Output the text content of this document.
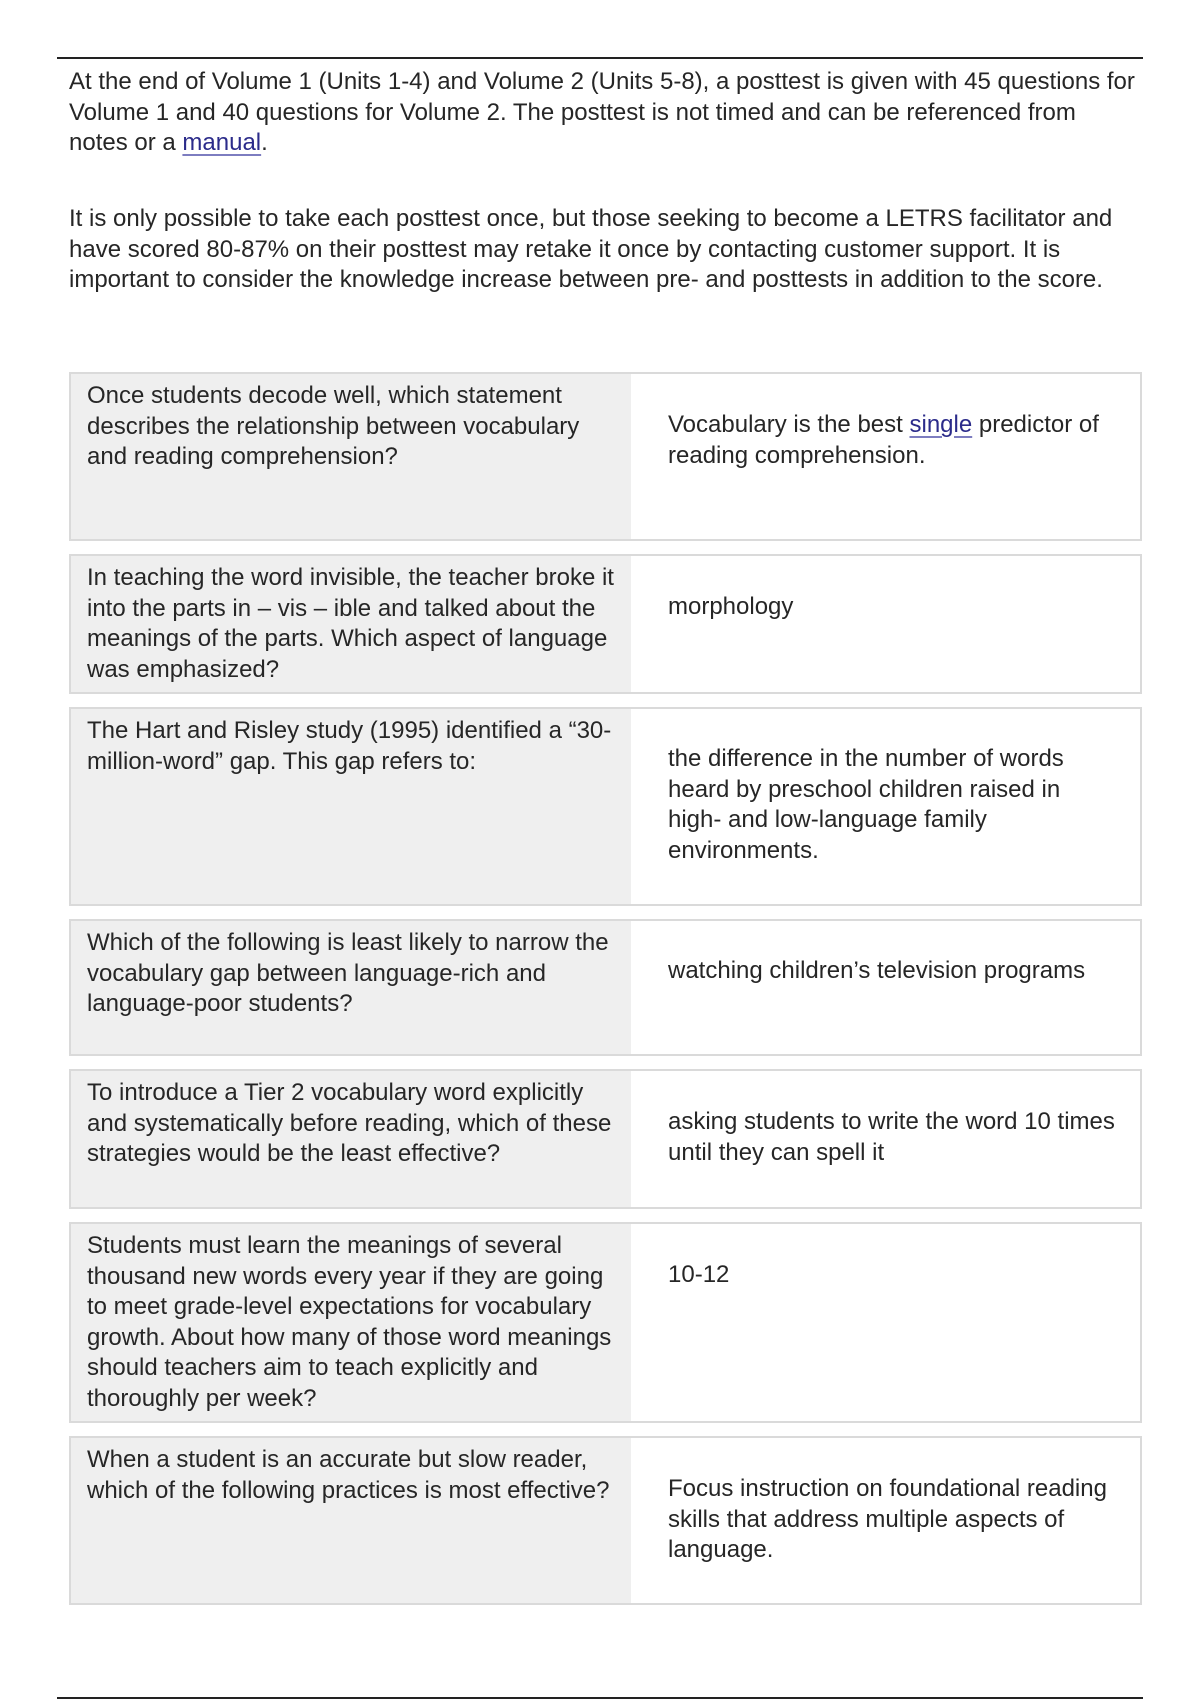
At the end of Volume 1 (Units 1-4) and Volume 2 (Units 5-8), a posttest is given with 45 questions for Volume 1 and 40 questions for Volume 2. The posttest is not timed and can be referenced from notes or a manual.

It is only possible to take each posttest once, but those seeking to become a LETRS facilitator and have scored 80-87% on their posttest may retake it once by contacting customer support. It is important to consider the knowledge increase between pre- and posttests in addition to the score.

Once students decode well, which statement describes the relationship between vocabulary and reading comprehension?
Vocabulary is the best single predictor of reading comprehension.
In teaching the word invisible, the teacher broke it into the parts in – vis – ible and talked about the meanings of the parts. Which aspect of language was emphasized?
morphology
The Hart and Risley study (1995) identified a “30-million-word” gap. This gap refers to:	the difference in the number of words heard by preschool children raised in high- and low-language family environments.
Which of the following is least likely to narrow the vocabulary gap between language-rich and language-poor students?
watching children’s television programs
To introduce a Tier 2 vocabulary word explicitly and systematically before reading, which of these strategies would be the least effective?
asking students to write the word 10 times until they can spell it
Students must learn the meanings of several thousand new words every year if they are going to meet grade-level expectations for vocabulary growth. About how many of those word meanings should teachers aim to teach explicitly and thoroughly per week?
10-12
When a student is an accurate but slow reader, which of the following practices is most effective?	Focus instruction on foundational reading skills that address multiple aspects of language.
